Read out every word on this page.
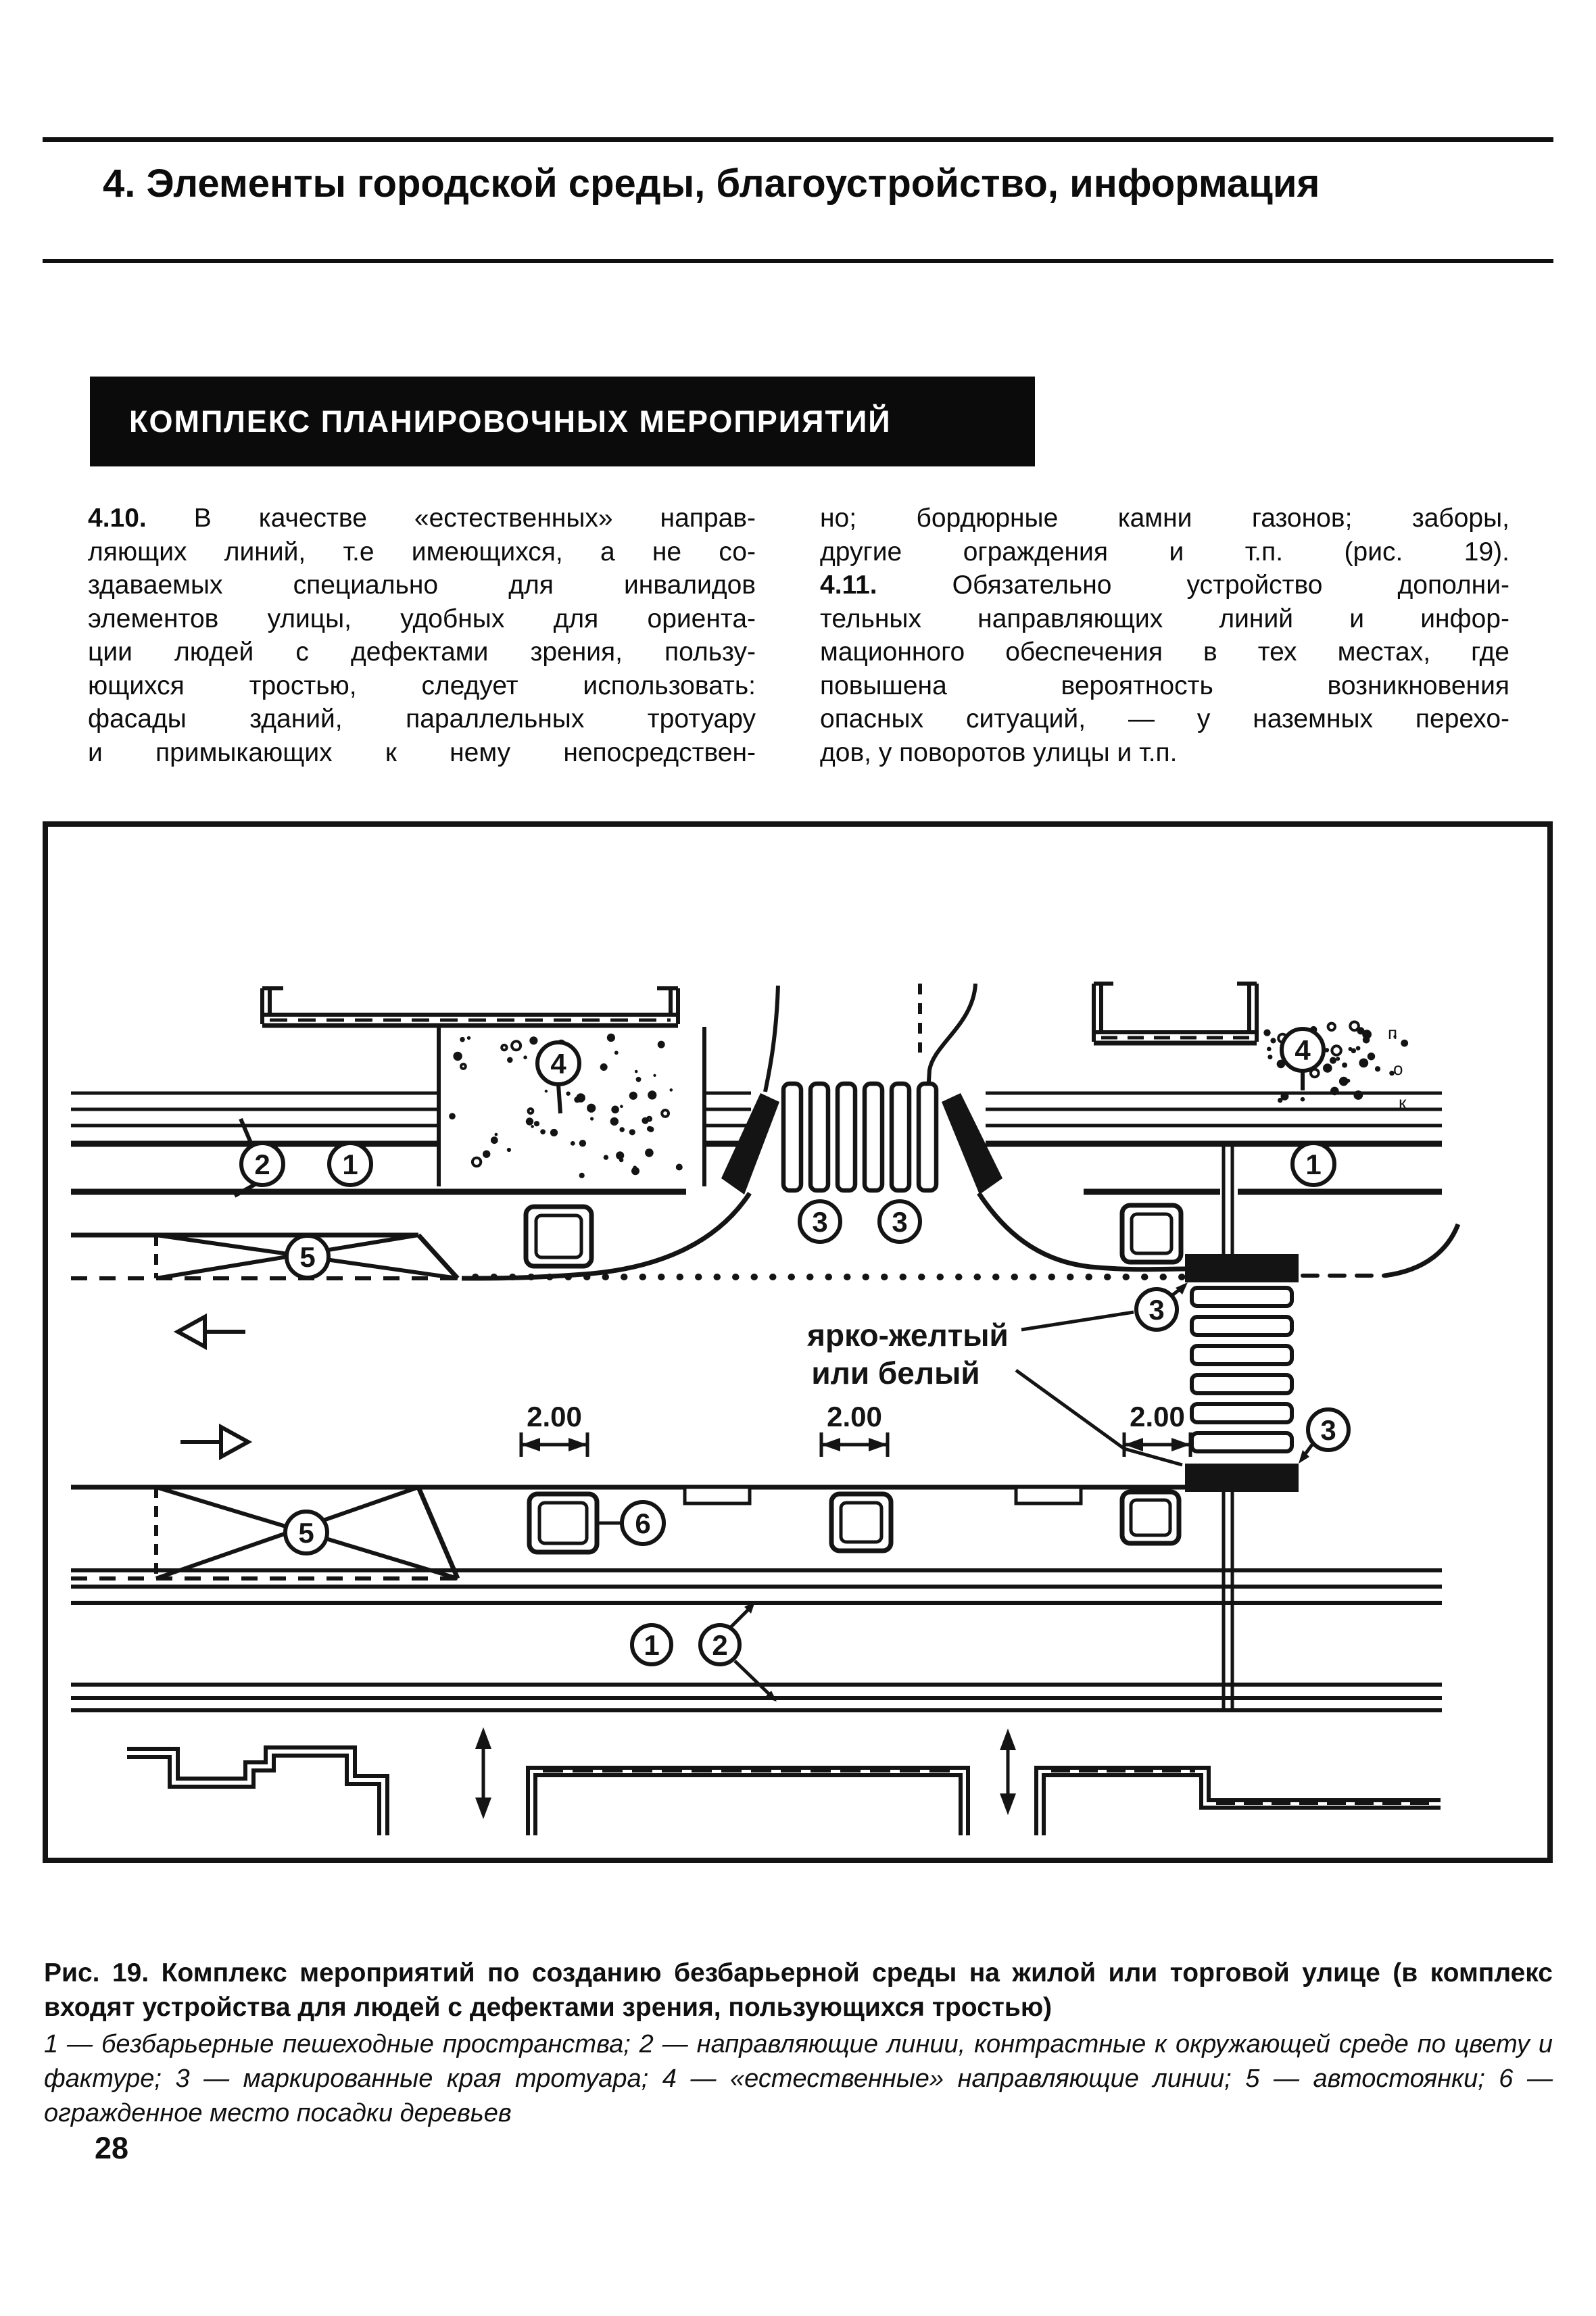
4. Элементы городской среды, благоустройство, информация
КОМПЛЕКС ПЛАНИРОВОЧНЫХ МЕРОПРИЯТИЙ
4.10. В качестве «естественных» направ-
ляющих линий, т.е имеющихся, а не со-
здаваемых специально для инвалидов
элементов улицы, удобных для ориента-
ции людей с дефектами зрения, пользу-
ющихся тростью, следует использовать:
фасады зданий, параллельных тротуару
и примыкающих к нему непосредствен-
но; бордюрные камни газонов; заборы,
другие ограждения и т.п. (рис. 19).
4.11. Обязательно устройство дополни-
тельных направляющих линий и инфор-
мационного обеспечения в тех местах, где
повышена вероятность возникновения
опасных ситуаций, — у наземных перехо-
дов, у поворотов улицы и т.п.
п
о
к
4	4
2	1	1
3 3
5
ярко-желтый
или белый
3
3
2.00	2.00	2.00
5	6
1 2
Рис. 19. Комплекс мероприятий по созданию безбарьерной среды на жилой или торговой улице (в комплекс входят устройства для людей с дефектами зрения, пользующихся тростью)
1 — безбарьерные пешеходные пространства; 2 — направляющие линии, контрастные к окружающей среде по цвету и фактуре; 3 — маркированные края тротуара; 4 — «естественные» направляющие линии; 5 — автостоянки; 6 — огражденное место посадки деревьев
28
